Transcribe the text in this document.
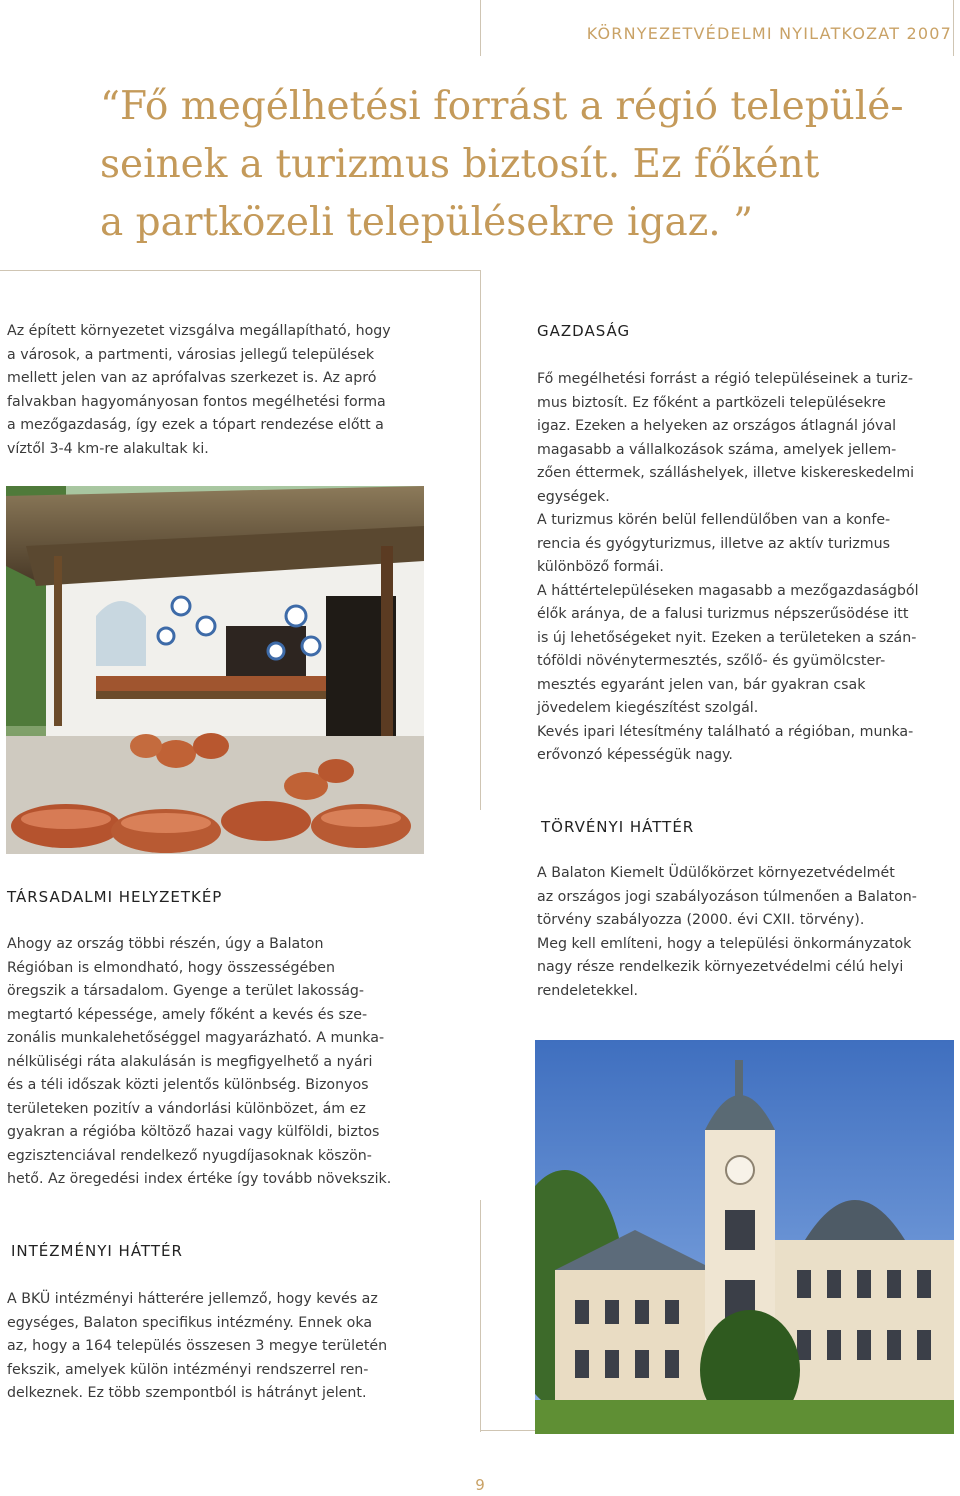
KÖRNYEZETVÉDELMI NYILATKOZAT 2007
“Fő megélhetési forrást a régió települé-
seinek a turizmus biztosít. Ez főként
a partközeli településekre igaz. ”

Az épített környezetet vizsgálva megállapítható, hogy

a városok, a partmenti, városias jellegű települések

mellett jelen van az aprófalvas szerkezet is. Az apró

falvakban hagyományosan fontos megélhetési forma

a mezőgazdaság, így ezek a tópart rendezése előtt a

víztől 3-4 km-re alakultak ki.

GAZDASÁG

Fő megélhetési forrást a régió településeinek a turiz-

mus biztosít. Ez főként a partközeli településekre

igaz. Ezeken a helyeken az országos átlagnál jóval

magasabb a vállalkozások száma, amelyek jellem-

zően éttermek, szálláshelyek, illetve kiskereskedelmi

egységek.

A turizmus körén belül fellendülőben van a konfe-

rencia és gyógyturizmus, illetve az aktív turizmus

különböző formái.

A háttértelepüléseken magasabb a mezőgazdaságból

élők aránya, de a falusi turizmus népszerűsödése itt

is új lehetőségeket nyit. Ezeken a területeken a szán-

tóföldi növénytermesztés, szőlő- és gyümölcster-

mesztés egyaránt jelen van, bár gyakran csak

jövedelem kiegészítést szolgál.

Kevés ipari létesítmény található a régióban, munka-

erővonzó képességük nagy.

TÖRVÉNYI HÁTTÉR

A Balaton Kiemelt Üdülőkörzet környezetvédelmét

az országos jogi szabályozáson túlmenően a Balaton-

törvény szabályozza (2000. évi CXII. törvény).

Meg kell említeni, hogy a települési önkormányzatok

nagy része rendelkezik környezetvédelmi célú helyi

rendeletekkel.

TÁRSADALMI HELYZETKÉP

Ahogy az ország többi részén, úgy a Balaton

Régióban is elmondható, hogy összességében

öregszik a társadalom. Gyenge a terület lakosság-

megtartó képessége, amely főként a kevés és sze-

zonális munkalehetőséggel magyarázható. A munka-

nélküliségi ráta alakulásán is megfigyelhető a nyári

és a téli időszak közti jelentős különbség. Bizonyos

területeken pozitív a vándorlási különbözet, ám ez

gyakran a régióba költöző hazai vagy külföldi, biztos

egzisztenciával rendelkező nyugdíjasoknak köszön-

hető. Az öregedési index értéke így tovább növekszik.

INTÉZMÉNYI HÁTTÉR

A BKÜ intézményi hátterére jellemző, hogy kevés az

egységes, Balaton specifikus intézmény. Ennek oka

az, hogy a 164 település összesen 3 megye területén

fekszik, amelyek külön intézményi rendszerrel ren-

delkeznek. Ez több szempontból is hátrányt jelent.

9
